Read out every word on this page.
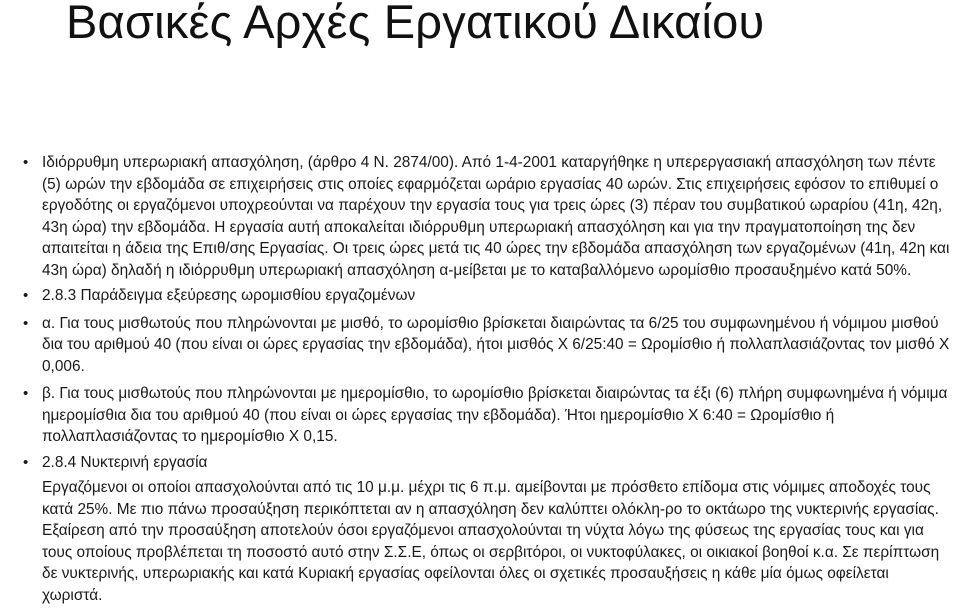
Βασικές Αρχές Εργατικού Δικαίου
• Ιδιόρρυθμη υπερωριακή απασχόληση, (άρθρο 4 Ν. 2874/00). Από 1-4-2001 καταργήθηκε η υπερεργασιακή απασχόληση των πέντε (5) ωρών την εβδομάδα σε επιχειρήσεις στις οποίες εφαρμόζεται ωράριο εργασίας 40 ωρών. Στις επιχειρήσεις εφόσον το επιθυμεί ο εργοδότης οι εργαζόμενοι υποχρεούνται να παρέχουν την εργασία τους για τρεις ώρες (3) πέραν του συμβατικού ωραρίου (41η, 42η, 43η ώρα) την εβδομάδα. Η εργασία αυτή αποκαλείται ιδιόρρυθμη υπερωριακή απασχόληση και για την πραγματοποίηση της δεν απαιτείται η άδεια της Επιθ/σης Εργασίας. Οι τρεις ώρες μετά τις 40 ώρες την εβδομάδα απασχόληση των εργαζομένων (41η, 42η και 43η ώρα) δηλαδή η ιδιόρρυθμη υπερωριακή απασχόληση α-μείβεται με το καταβαλλόμενο ωρομίσθιο προσαυξημένο κατά 50%.
• 2.8.3 Παράδειγμα εξεύρεσης ωρομισθίου εργαζομένων
• α. Για τους μισθωτούς που πληρώνονται με μισθό, το ωρομίσθιο βρίσκεται διαιρώντας τα 6/25 του συμφωνημένου ή νόμιμου μισθού δια του αριθμού 40 (που είναι οι ώρες εργασίας την εβδομάδα), ήτοι μισθός Χ 6/25:40 = Ωρομίσθιο ή πολλαπλασιάζοντας τον μισθό Χ 0,006.
• β. Για τους μισθωτούς που πληρώνονται με ημερομίσθιο, το ωρομίσθιο βρίσκεται διαιρώντας τα έξι (6) πλήρη συμφωνημένα ή νόμιμα ημερομίσθια δια του αριθμού 40 (που είναι οι ώρες εργασίας την εβδομάδα). Ήτοι ημερομίσθιο Χ 6:40 = Ωρομίσθιο ή πολλαπλασιάζοντας το ημερομίσθιο Χ 0,15.
• 2.8.4 Νυκτερινή εργασία
Εργαζόμενοι οι οποίοι απασχολούνται από τις 10 μ.μ. μέχρι τις 6 π.μ. αμείβονται με πρόσθετο επίδομα στις νόμιμες αποδοχές τους κατά 25%. Με πιο πάνω προσαύξηση περικόπτεται αν η απασχόληση δεν καλύπτει ολόκλη-ρο το οκτάωρο της νυκτερινής εργασίας. Εξαίρεση από την προσαύξηση αποτελούν όσοι εργαζόμενοι απασχολούνται τη νύχτα λόγω της φύσεως της εργασίας τους και για τους οποίους προβλέπεται τη ποσοστό αυτό στην Σ.Σ.Ε, όπως οι σερβιτόροι, οι νυκτοφύλακες, οι οικιακοί βοηθοί κ.α. Σε περίπτωση δε νυκτερινής, υπερωριακής και κατά Κυριακή εργασίας οφείλονται όλες οι σχετικές προσαυξήσεις η κάθε μία όμως οφείλεται χωριστά.
